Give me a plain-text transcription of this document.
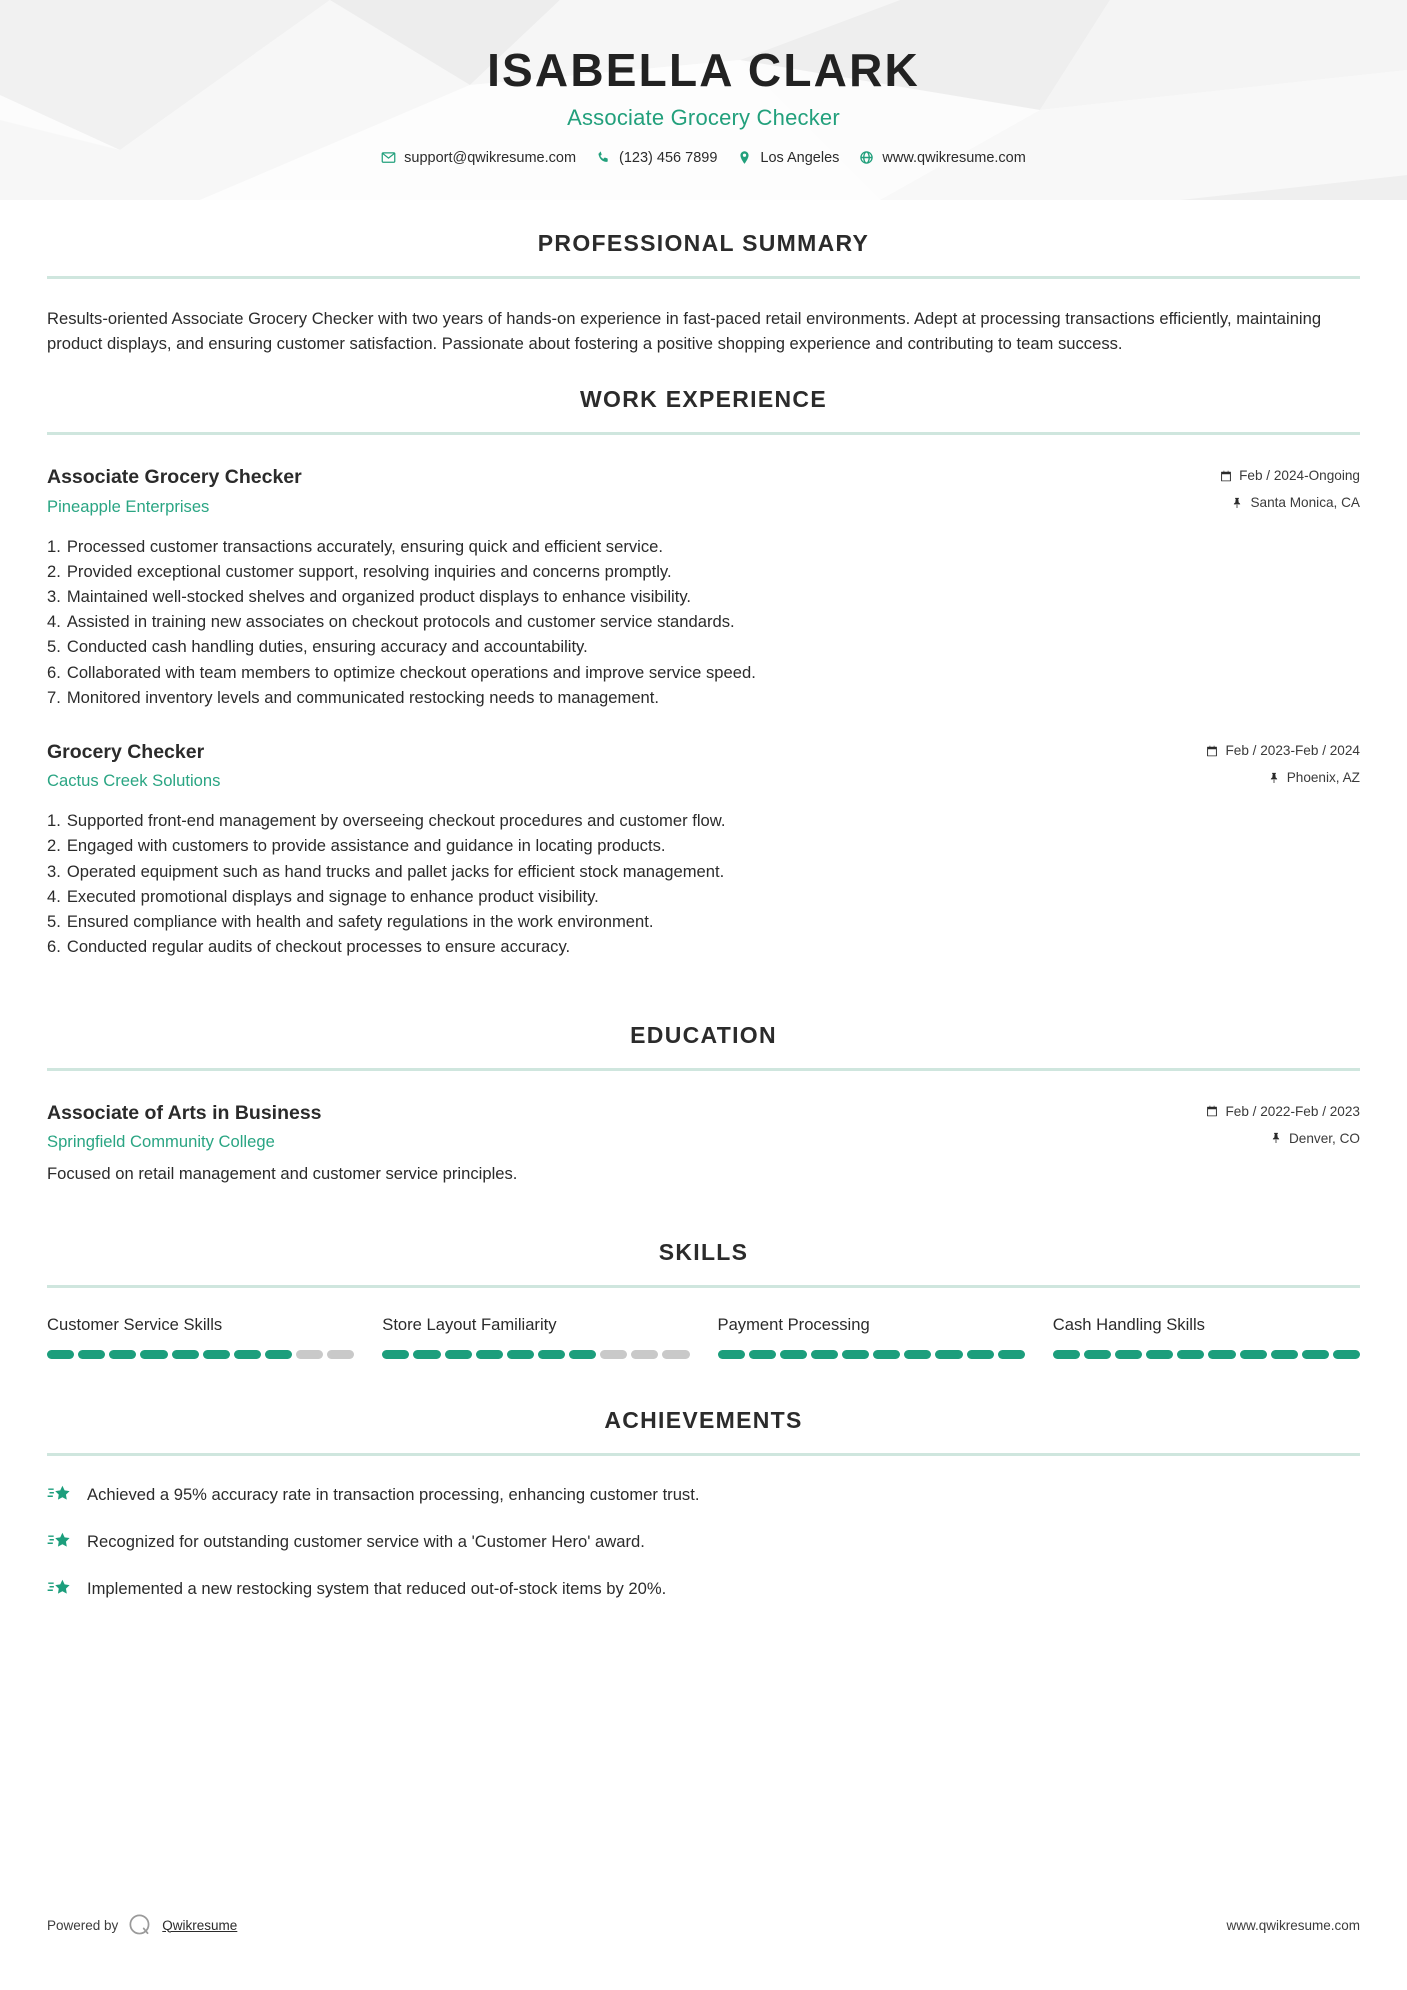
ISABELLA CLARK
Associate Grocery Checker
support@qwikresume.com	(123) 456 7899	Los Angeles	www.qwikresume.com
PROFESSIONAL SUMMARY

Results-oriented Associate Grocery Checker with two years of hands-on experience in fast-paced retail environments. Adept at processing transactions efficiently, maintaining product displays, and ensuring customer satisfaction. Passionate about fostering a positive shopping experience and contributing to team success.

WORK EXPERIENCE
Associate Grocery Checker
Pineapple Enterprises
Feb / 2024-Ongoing
Santa Monica, CA
1. Processed customer transactions accurately, ensuring quick and efficient service.
2. Provided exceptional customer support, resolving inquiries and concerns promptly.
3. Maintained well-stocked shelves and organized product displays to enhance visibility.
4. Assisted in training new associates on checkout protocols and customer service standards.
5. Conducted cash handling duties, ensuring accuracy and accountability.
6. Collaborated with team members to optimize checkout operations and improve service speed.
7. Monitored inventory levels and communicated restocking needs to management.
Grocery Checker
Cactus Creek Solutions
Feb / 2023-Feb / 2024
Phoenix, AZ
1. Supported front-end management by overseeing checkout procedures and customer flow.
2. Engaged with customers to provide assistance and guidance in locating products.
3. Operated equipment such as hand trucks and pallet jacks for efficient stock management.
4. Executed promotional displays and signage to enhance product visibility.
5. Ensured compliance with health and safety regulations in the work environment.
6. Conducted regular audits of checkout processes to ensure accuracy.
EDUCATION
Associate of Arts in Business
Springfield Community College
Feb / 2022-Feb / 2023
Denver, CO

Focused on retail management and customer service principles.

SKILLS
Customer Service Skills	Store Layout Familiarity	Payment Processing	Cash Handling Skills
ACHIEVEMENTS
Achieved a 95% accuracy rate in transaction processing, enhancing customer trust.
Recognized for outstanding customer service with a 'Customer Hero' award.
Implemented a new restocking system that reduced out-of-stock items by 20%.
Powered by	Qwikresume	www.qwikresume.com
